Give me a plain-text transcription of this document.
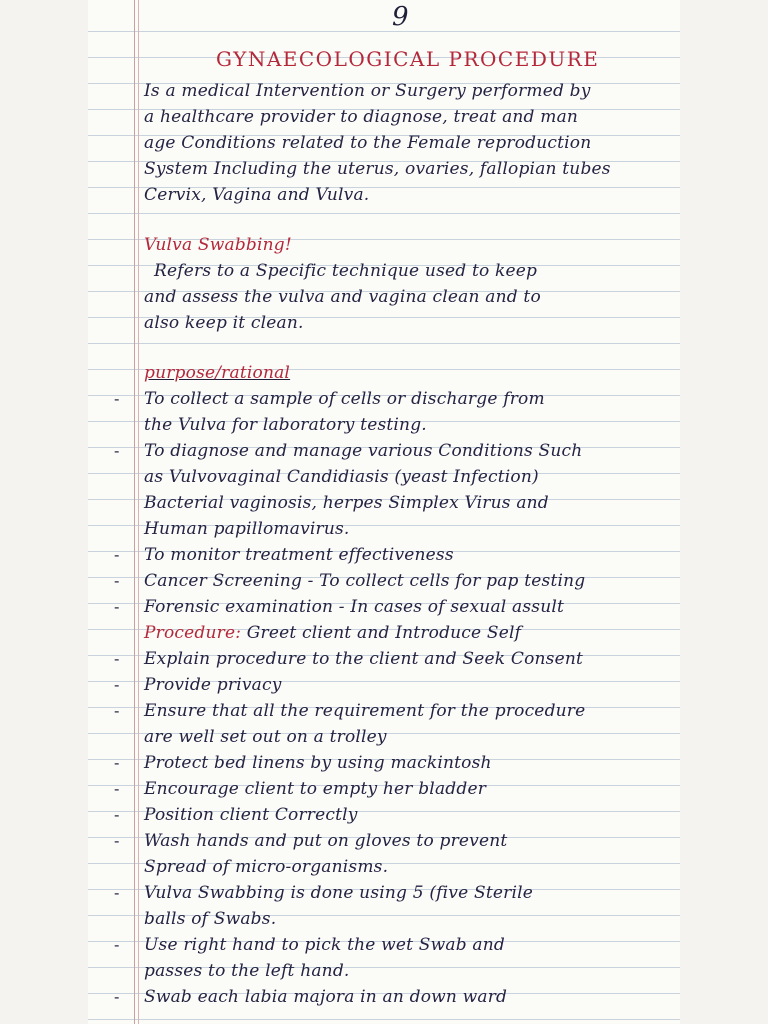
9
GYNAECOLOGICAL PROCEDURE
Is a medical Intervention or Surgery performed by
a healthcare provider to diagnose, treat and man
age Conditions related to the Female reproduction
System Including the uterus, ovaries, fallopian tubes
Cervix, Vagina and Vulva.
Vulva Swabbing!
Refers to a Specific technique used to keep
and assess the vulva and vagina clean and to
also keep it clean.
purpose/rational
-	To collect a sample of cells or discharge from
the Vulva for laboratory testing.
-	To diagnose and manage various Conditions Such
as Vulvovaginal Candidiasis (yeast Infection)
Bacterial vaginosis, herpes Simplex Virus and
Human papillomavirus.
-	To monitor treatment effectiveness
-	Cancer Screening - To collect cells for pap testing
-	Forensic examination - In cases of sexual assult
Procedure: Greet client and Introduce Self
-	Explain procedure to the client and Seek Consent
-	Provide privacy
-	Ensure that all the requirement for the procedure
are well set out on a trolley
-	Protect bed linens by using mackintosh
-	Encourage client to empty her bladder
-	Position client Correctly
-	Wash hands and put on gloves to prevent
Spread of micro-organisms.
-	Vulva Swabbing is done using 5 (five Sterile
balls of Swabs.
-	Use right hand to pick the wet Swab and
passes to the left hand.
-	Swab each labia majora in an down ward
